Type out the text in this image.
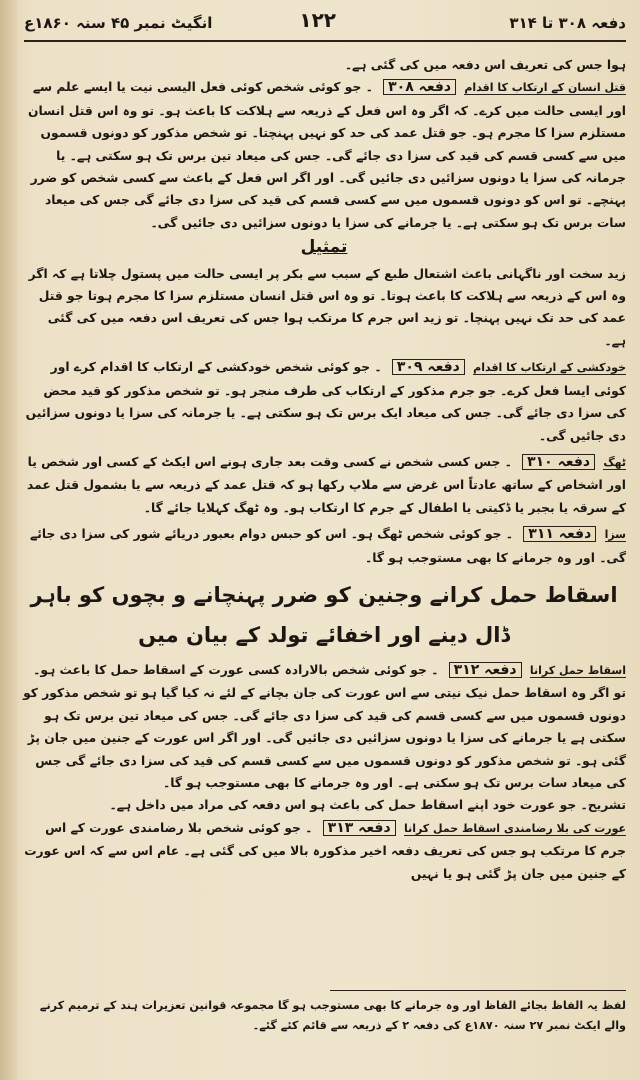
دفعہ ۳۰۸ تا ۳۱۴
۱۲۲
انگیٹ نمبر ۴۵ سنہ ۱۸۶۰ع

ہوا جس کی تعریف اس دفعہ میں کی گئی ہے۔

قتل انسان کے ارتکاب کا اقدام دفعہ ۳۰۸ ۔ جو کوئی شخص کوئی فعل الیسی نیت یا ایسے علم سے اور ایسی حالت میں کرے۔ کہ اگر وہ اس فعل کے ذریعہ سے ہلاکت کا باعث ہو۔ تو وہ اس قتل انسان مستلزم سزا کا مجرم ہو۔ جو قتل عمد کی حد کو نہیں پہنچتا۔ تو شخص مذکور کو دونوں قسموں میں سے کسی قسم کی قید کی سزا دی جائے گی۔ جس کی میعاد تین برس تک ہو سکتی ہے۔ یا جرمانہ کی سزا یا دونوں سزائیں دی جائیں گی۔ اور اگر اس فعل کے باعث سے کسی شخص کو ضرر پہنچے۔ تو اس کو دونوں قسموں میں سے کسی قسم کی قید کی سزا دی جائے گی جس کی میعاد سات برس تک ہو سکتی ہے۔ یا جرمانے کی سزا یا دونوں سزائیں دی جائیں گی۔

تمثیل

زید سخت اور ناگہانی باعث اشتعال طبع کے سبب سے بکر پر ایسی حالت میں پستول چلاتا ہے کہ اگر وہ اس کے ذریعہ سے ہلاکت کا باعث ہوتا۔ تو وہ اس قتل انسان مستلزم سزا کا مجرم ہوتا جو قتل عمد کی حد تک نہیں پہنچا۔ تو زید اس جرم کا مرتکب ہوا جس کی تعریف اس دفعہ میں کی گئی ہے۔

خودکشی کے ارتکاب کا اقدام دفعہ ۳۰۹ ۔ جو کوئی شخص خودکشی کے ارتکاب کا اقدام کرے اور کوئی ایسا فعل کرے۔ جو جرم مذکور کے ارتکاب کی طرف منجر ہو۔ تو شخص مذکور کو قید محض کی سزا دی جائے گی۔ جس کی میعاد ایک برس تک ہو سکتی ہے۔ یا جرمانہ کی سزا یا دونوں سزائیں دی جائیں گی۔

ٹھگ دفعہ ۳۱۰ ۔ جس کسی شخص نے کسی وقت بعد جاری ہونے اس ایکٹ کے کسی اور شخص یا اور اشخاص کے ساتھ عادتاً اس غرض سے ملاپ رکھا ہو کہ قتل عمد کے ذریعہ سے یا بشمول قتل عمد کے سرقہ یا بجبر یا ڈکیتی یا اطفال کے جرم کا ارتکاب ہو۔ وہ ٹھگ کہلایا جائے گا۔

سزا دفعہ ۳۱۱ ۔ جو کوئی شخص ٹھگ ہو۔ اس کو حبس دوام بعبور دریائے شور کی سزا دی جائے گی۔ اور وہ جرمانے کا بھی مستوجب ہو گا۔

اسقاط حمل کرانے وجنین کو ضرر پہنچانے و بچوں کو باہر ڈال دینے اور اخفائے تولد کے بیان میں

اسقاط حمل کرانا دفعہ ۳۱۲ ۔ جو کوئی شخص بالارادہ کسی عورت کے اسقاط حمل کا باعث ہو۔ تو اگر وہ اسقاط حمل نیک نیتی سے اس عورت کی جان بچانے کے لئے نہ کیا گیا ہو تو شخص مذکور کو دونوں قسموں میں سے کسی قسم کی قید کی سزا دی جائے گی۔ جس کی میعاد تین برس تک ہو سکتی ہے یا جرمانے کی سزا یا دونوں سزائیں دی جائیں گی۔ اور اگر اس عورت کے جنین میں جان پڑ گئی ہو۔ تو شخص مذکور کو دونوں قسموں میں سے کسی قسم کی قید کی سزا دی جائے گی جس کی میعاد سات برس تک ہو سکتی ہے۔ اور وہ جرمانے کا بھی مستوجب ہو گا۔

تشریح۔ جو عورت خود اپنے اسقاط حمل کی باعث ہو اس دفعہ کی مراد میں داخل ہے۔

عورت کی بلا رضامندی اسقاط حمل کرانا دفعہ ۳۱۳ ۔ جو کوئی شخص بلا رضامندی عورت کے اس جرم کا مرتکب ہو جس کی تعریف دفعہ اخیر مذکورہ بالا میں کی گئی ہے۔ عام اس سے کہ اس عورت کے جنین میں جان پڑ گئی ہو یا نہیں

لفظ یہ الفاظ بجائے الفاظ اور وہ جرمانے کا بھی مستوجب ہو گا مجموعہ قوانین تعزیرات ہند کے ترمیم کرنے والے ایکٹ نمبر ۲۷ سنہ ۱۸۷۰ع کی دفعہ ۲ کے ذریعہ سے قائم کئے گئے۔
